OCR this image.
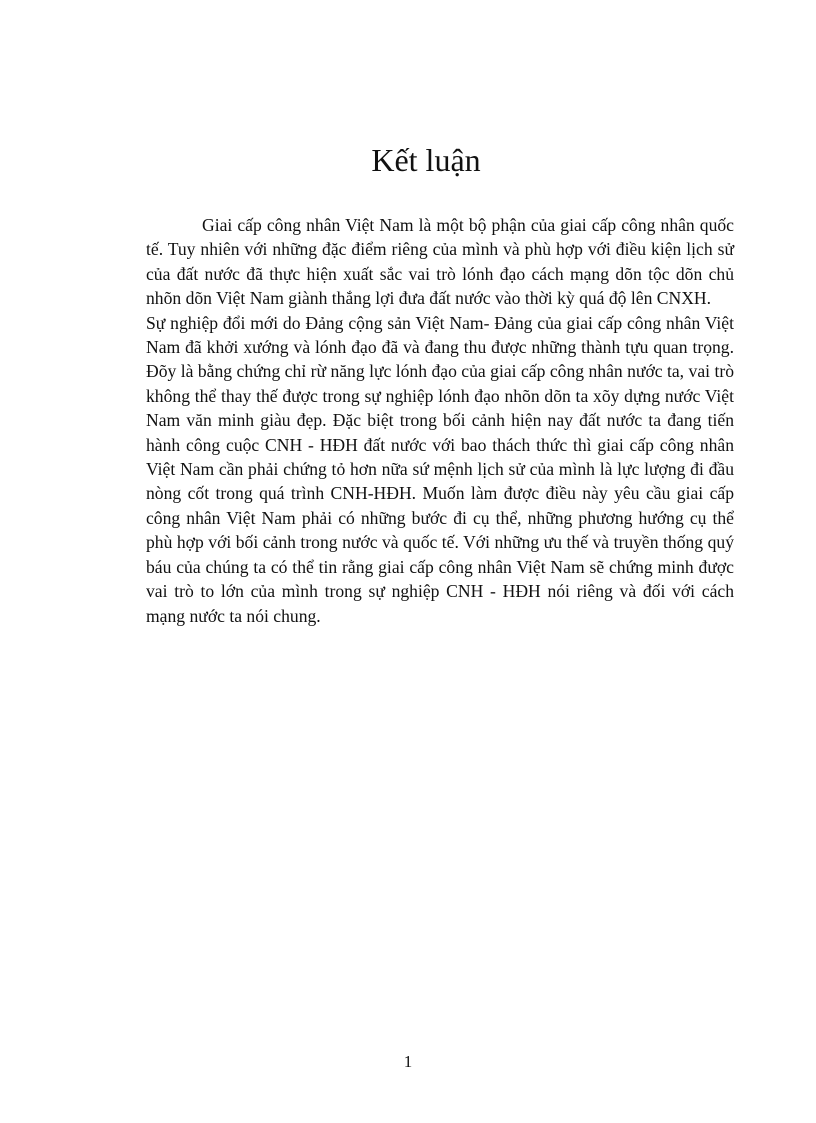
Kết luận

Giai cấp công nhân Việt Nam là một bộ phận của giai cấp công nhân quốc tế. Tuy nhiên với những đặc điểm riêng của mình và phù hợp với điều kiện lịch sử của đất nước đã thực hiện xuất sắc vai trò lónh đạo cách mạng dõn tộc dõn chủ nhõn dõn Việt Nam giành thắng lợi đưa đất nước vào thời kỳ quá độ lên CNXH.

Sự nghiệp đổi mới do Đảng cộng sản Việt Nam- Đảng của giai cấp công nhân Việt Nam đã khởi xướng và lónh đạo đã và đang thu được những thành tựu quan trọng. Đõy là bằng chứng chỉ rừ năng lực lónh đạo của giai cấp công nhân nước ta, vai trò không thể thay thế được trong sự nghiệp lónh đạo nhõn dõn ta xõy dựng nước Việt Nam văn minh giàu đẹp. Đặc biệt trong bối cảnh hiện nay đất nước ta đang tiến hành công cuộc CNH - HĐH đất nước với bao thách thức thì giai cấp công nhân Việt Nam cần phải chứng tỏ hơn nữa sứ mệnh lịch sử của mình là lực lượng đi đầu nòng cốt trong quá trình CNH-HĐH. Muốn làm được điều này yêu cầu giai cấp công nhân Việt Nam phải có những bước đi cụ thể, những phương hướng cụ thể phù hợp với bối cảnh trong nước và quốc tế. Với những ưu thế và truyền thống quý báu của chúng ta có thể tin rằng giai cấp công nhân Việt Nam sẽ chứng minh được vai trò to lớn của mình trong sự nghiệp CNH - HĐH nói riêng và đối với cách mạng nước ta nói chung.

1
